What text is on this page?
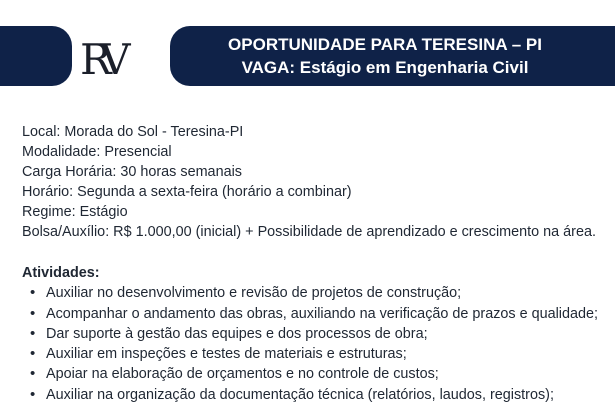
RV	OPORTUNIDADE PARA TERESINA – PI
VAGA: Estágio em Engenharia Civil
Local: Morada do Sol - Teresina-PI
Modalidade: Presencial
Carga Horária: 30 horas semanais
Horário: Segunda a sexta-feira (horário a combinar)
Regime: Estágio
Bolsa/Auxílio: R$ 1.000,00 (inicial) + Possibilidade de aprendizado e crescimento na área.
Atividades:
• Auxiliar no desenvolvimento e revisão de projetos de construção;
• Acompanhar o andamento das obras, auxiliando na verificação de prazos e qualidade;
• Dar suporte à gestão das equipes e dos processos de obra;
• Auxiliar em inspeções e testes de materiais e estruturas;
• Apoiar na elaboração de orçamentos e no controle de custos;
• Auxiliar na organização da documentação técnica (relatórios, laudos, registros);
